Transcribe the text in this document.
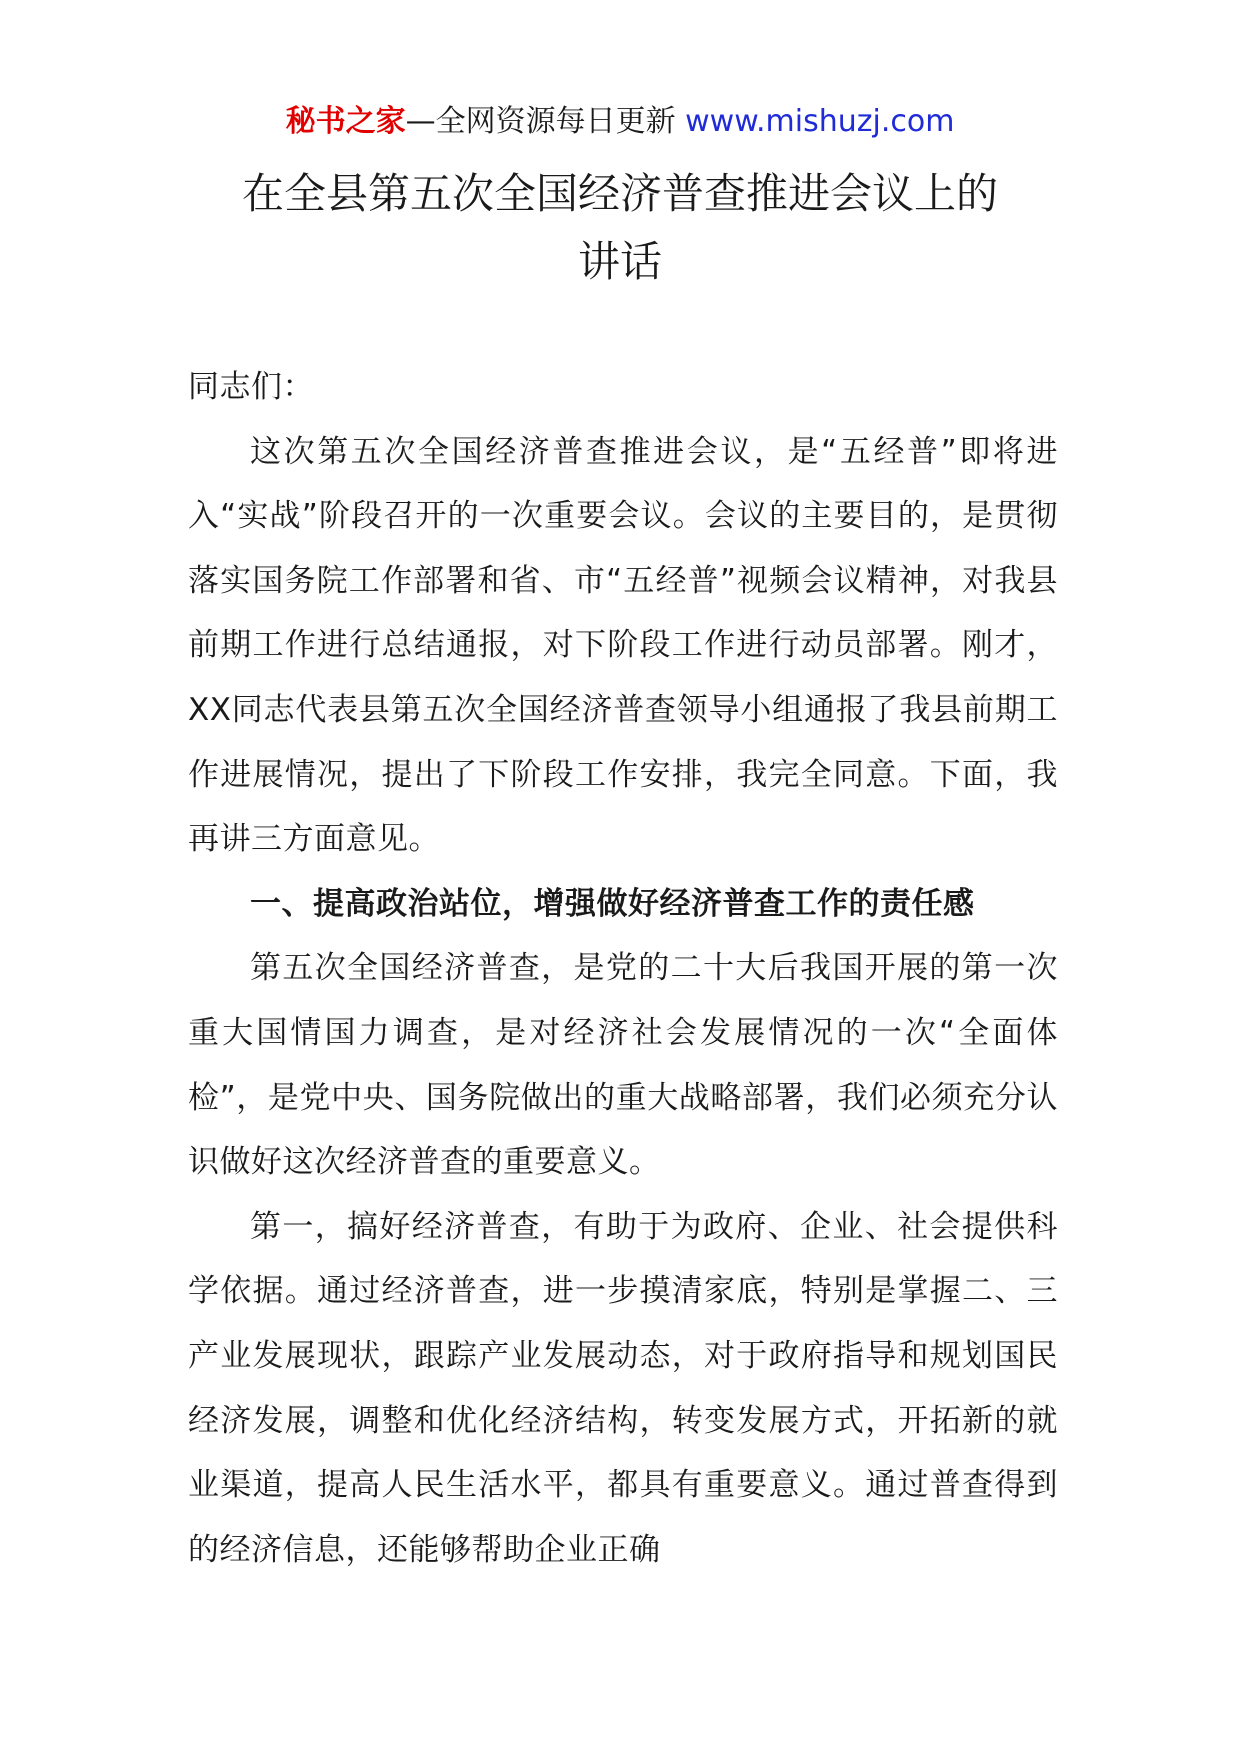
秘书之家—全网资源每日更新 www.mishuzj.com
在全县第五次全国经济普查推进会议上的
讲话

同志们：

这次第五次全国经济普查推进会议，是“五经普”即将进入“实战”阶段召开的一次重要会议。会议的主要目的，是贯彻落实国务院工作部署和省、市“五经普”视频会议精神，对我县前期工作进行总结通报，对下阶段工作进行动员部署。刚才，XX同志代表县第五次全国经济普查领导小组通报了我县前期工作进展情况，提出了下阶段工作安排，我完全同意。下面，我再讲三方面意见。

一、提高政治站位，增强做好经济普查工作的责任感

第五次全国经济普查，是党的二十大后我国开展的第一次重大国情国力调查，是对经济社会发展情况的一次“全面体检”，是党中央、国务院做出的重大战略部署，我们必须充分认识做好这次经济普查的重要意义。

第一，搞好经济普查，有助于为政府、企业、社会提供科学依据。通过经济普查，进一步摸清家底，特别是掌握二、三产业发展现状，跟踪产业发展动态，对于政府指导和规划国民经济发展，调整和优化经济结构，转变发展方式，开拓新的就业渠道，提高人民生活水平，都具有重要意义。通过普查得到的经济信息，还能够帮助企业正确
